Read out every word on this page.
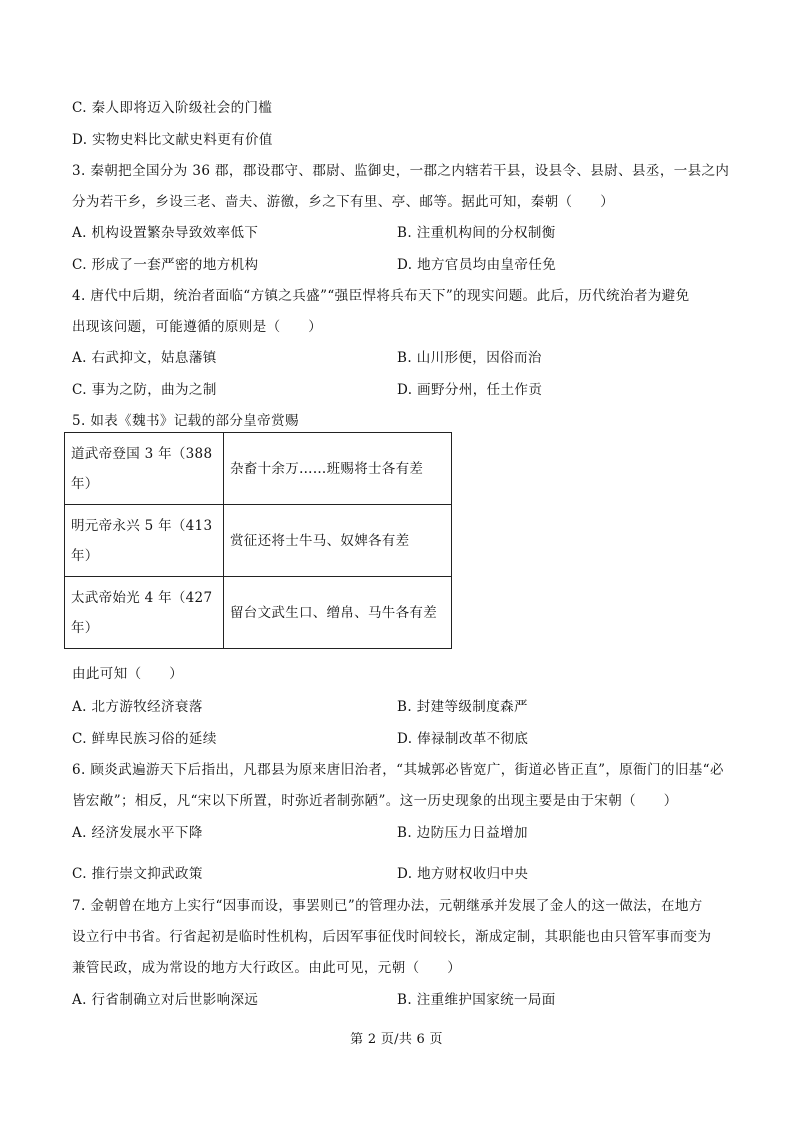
C. 秦人即将迈入阶级社会的门槛
D. 实物史料比文献史料更有价值
3. 秦朝把全国分为 36 郡，郡设郡守、郡尉、监御史，一郡之内辖若干县，设县令、县尉、县丞，一县之内
分为若干乡，乡设三老、啬夫、游徼，乡之下有里、亭、邮等。据此可知，秦朝（　　）
A. 机构设置繁杂导致效率低下	B. 注重机构间的分权制衡
C. 形成了一套严密的地方机构	D. 地方官员均由皇帝任免
4. 唐代中后期，统治者面临“方镇之兵盛”“强臣悍将兵布天下”的现实问题。此后，历代统治者为避免
出现该问题，可能遵循的原则是（　　）
A. 右武抑文，姑息藩镇	B. 山川形便，因俗而治
C. 事为之防，曲为之制	D. 画野分州，任土作贡
5. 如表《魏书》记载的部分皇帝赏赐
道武帝登国 3 年（388
年）	杂畜十余万……班赐将士各有差

明元帝永兴 5 年（413
年）	赏征还将士牛马、奴婢各有差

太武帝始光 4 年（427
年）	留台文武生口、缯帛、马牛各有差
由此可知（　　）
A. 北方游牧经济衰落	B. 封建等级制度森严
C. 鲜卑民族习俗的延续	D. 俸禄制改革不彻底
6. 顾炎武遍游天下后指出，凡郡县为原来唐旧治者，“其城郭必皆宽广，街道必皆正直”，原衙门的旧基“必
皆宏敞”；相反，凡“宋以下所置，时弥近者制弥陋”。这一历史现象的出现主要是由于宋朝（　　）
A. 经济发展水平下降	B. 边防压力日益增加
C. 推行崇文抑武政策	D. 地方财权收归中央
7. 金朝曾在地方上实行“因事而设，事罢则已”的管理办法，元朝继承并发展了金人的这一做法，在地方
设立行中书省。行省起初是临时性机构，后因军事征伐时间较长，渐成定制，其职能也由只管军事而变为
兼管民政，成为常设的地方大行政区。由此可见，元朝（　　）
A. 行省制确立对后世影响深远	B. 注重维护国家统一局面
第 2 页/共 6 页
